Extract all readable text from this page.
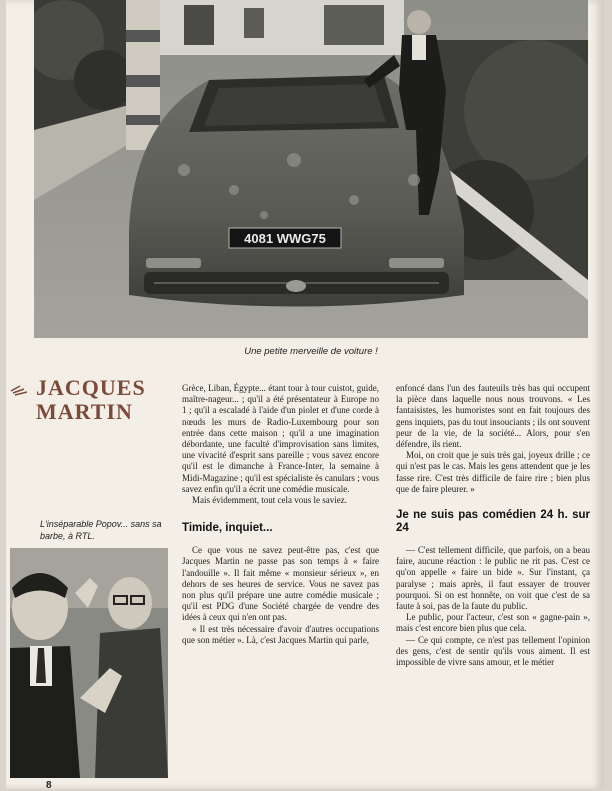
4081 WWG75
Une petite merveille de voiture !
JACQUES
MARTIN
L'inséparable Popov... sans sa barbe, à RTL.

Grèce, Liban, Égypte... étant tour à tour cuistot, guide, maître-nageur... ; qu'il a été présentateur à Europe no 1 ; qu'il a escaladé à l'aide d'un piolet et d'une corde à nœuds les murs de Radio-Luxembourg pour son entrée dans cette maison ; qu'il a une imagination débordante, une faculté d'improvisation sans limites, une vivacité d'esprit sans pareille ; vous savez encore qu'il est le dimanche à France-Inter, la semaine à Midi-Magazine ; qu'il est spécialiste ès canulars ; vous savez enfin qu'il a écrit une comédie musicale.

Mais évidemment, tout cela vous le saviez.

Timide, inquiet...

Ce que vous ne savez peut-être pas, c'est que Jacques Martin ne passe pas son temps à « faire l'andouille ». Il fait même « monsieur sérieux », en dehors de ses heures de service. Vous ne savez pas non plus qu'il prépare une autre comédie musicale ; qu'il est PDG d'une Société chargée de vendre des idées à ceux qui n'en ont pas.

« Il est très nécessaire d'avoir d'autres occupations que son métier ». Là, c'est Jacques Martin qui parle,

enfoncé dans l'un des fauteuils très bas qui occupent la pièce dans laquelle nous nous trouvons. « Les fantaisistes, les humoristes sont en fait toujours des gens inquiets, pas du tout insouciants ; ils ont souvent peur de la vie, de la société... Alors, pour s'en défendre, ils rient.

Moi, on croit que je suis très gai, joyeux drille ; ce qui n'est pas le cas. Mais les gens attendent que je les fasse rire. C'est très difficile de faire rire ; bien plus que de faire pleurer. »

Je ne suis pas comédien 24 h. sur 24

— C'est tellement difficile, que parfois, on a beau faire, aucune réaction : le public ne rit pas. C'est ce qu'on appelle « faire un bide ». Sur l'instant, ça paralyse ; mais après, il faut essayer de trouver pourquoi. Si on est honnête, on voit que c'est de sa faute à soi, pas de la faute du public.

Le public, pour l'acteur, c'est son « gagne-pain », mais c'est encore bien plus que cela.

— Ce qui compte, ce n'est pas tellement l'opinion des gens, c'est de sentir qu'ils vous aiment. Il est impossible de vivre sans amour, et le métier

8
